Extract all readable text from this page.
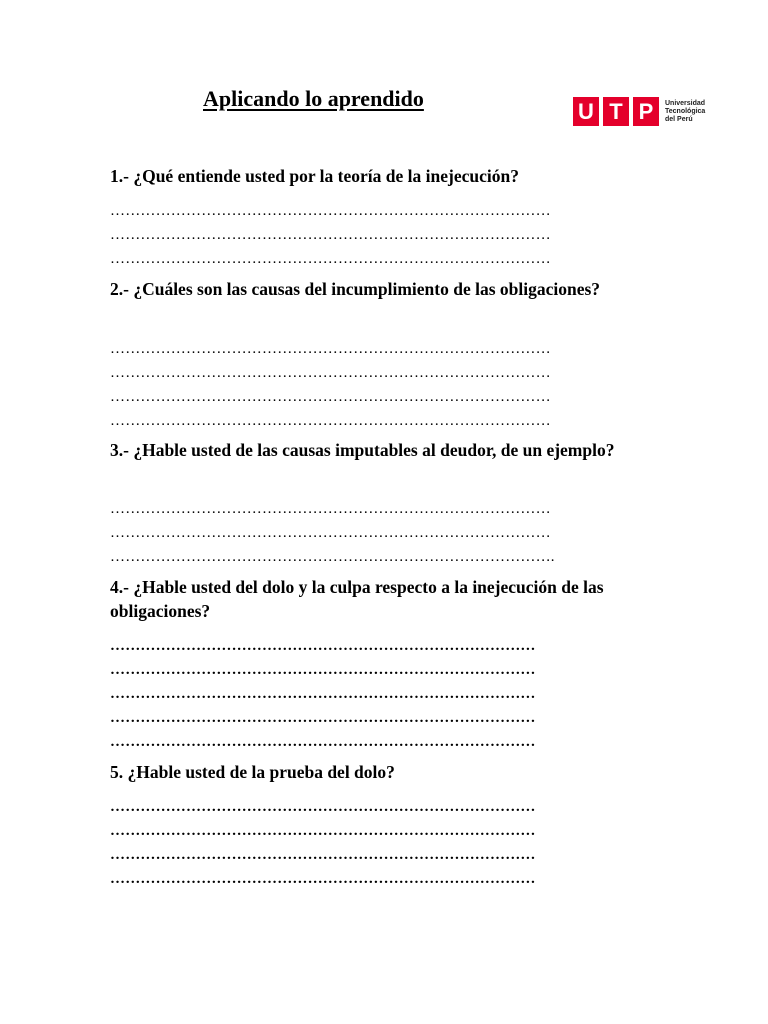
Aplicando lo aprendido	U T P	Universidad
Tecnológica
del Perú
1.- ¿Qué entiende usted por la teoría de la inejecución?
……………………………………………………………………………
……………………………………………………………………………
……………………………………………………………………………
2.- ¿Cuáles son las causas del incumplimiento de las obligaciones?
……………………………………………………………………………
……………………………………………………………………………
……………………………………………………………………………
……………………………………………………………………………
3.- ¿Hable usted de las causas imputables al deudor, de un ejemplo?
……………………………………………………………………………
……………………………………………………………………………
…………………………………………………………………………….
4.- ¿Hable usted del dolo y la culpa respecto a la inejecución de las obligaciones?
…………………………………………………………………………
…………………………………………………………………………
…………………………………………………………………………
…………………………………………………………………………
…………………………………………………………………………
5. ¿Hable usted de la prueba del dolo?
…………………………………………………………………………
…………………………………………………………………………
…………………………………………………………………………
…………………………………………………………………………
